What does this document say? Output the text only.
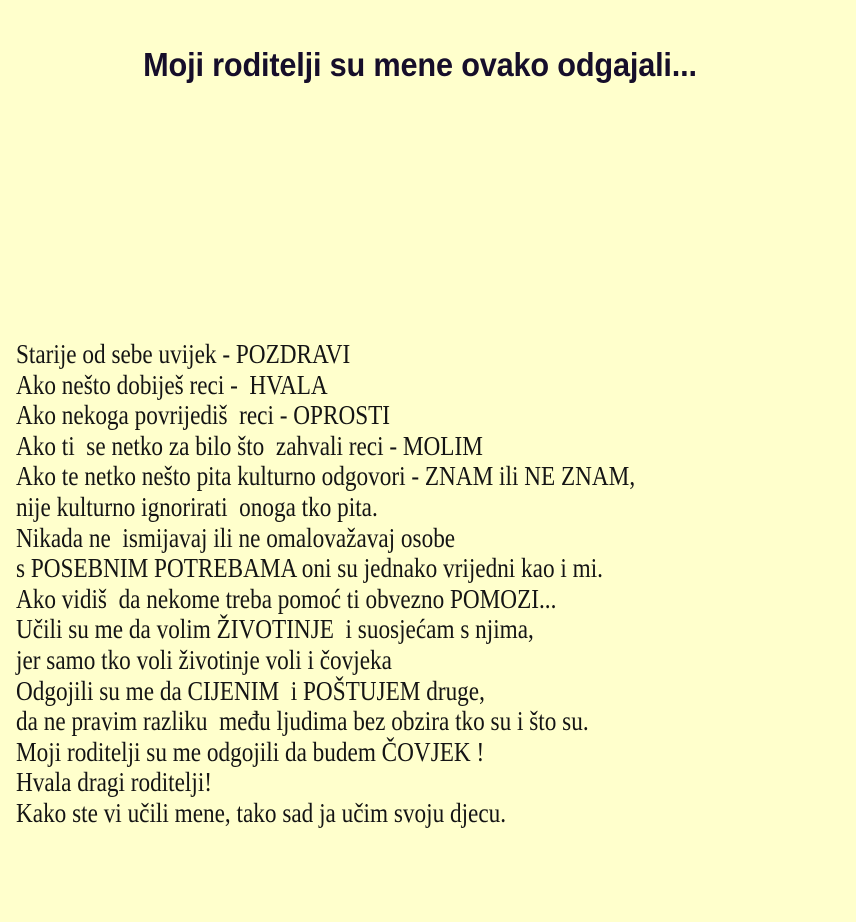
Moji roditelji su mene ovako odgajali...
Starije od sebe uvijek - POZDRAVI
Ako nešto dobiješ reci -  HVALA
Ako nekoga povrijediš  reci - OPROSTI
Ako ti  se netko za bilo što  zahvali reci - MOLIM
Ako te netko nešto pita kulturno odgovori - ZNAM ili NE ZNAM,
nije kulturno ignorirati  onoga tko pita.
Nikada ne  ismijavaj ili ne omalovažavaj osobe
s POSEBNIM POTREBAMA oni su jednako vrijedni kao i mi.
Ako vidiš  da nekome treba pomoć ti obvezno POMOZI...
Učili su me da volim ŽIVOTINJE  i suosjećam s njima,
jer samo tko voli životinje voli i čovjeka
Odgojili su me da CIJENIM  i POŠTUJEM druge,
da ne pravim razliku  među ljudima bez obzira tko su i što su.
Moji roditelji su me odgojili da budem ČOVJEK !
Hvala dragi roditelji!
Kako ste vi učili mene, tako sad ja učim svoju djecu.
